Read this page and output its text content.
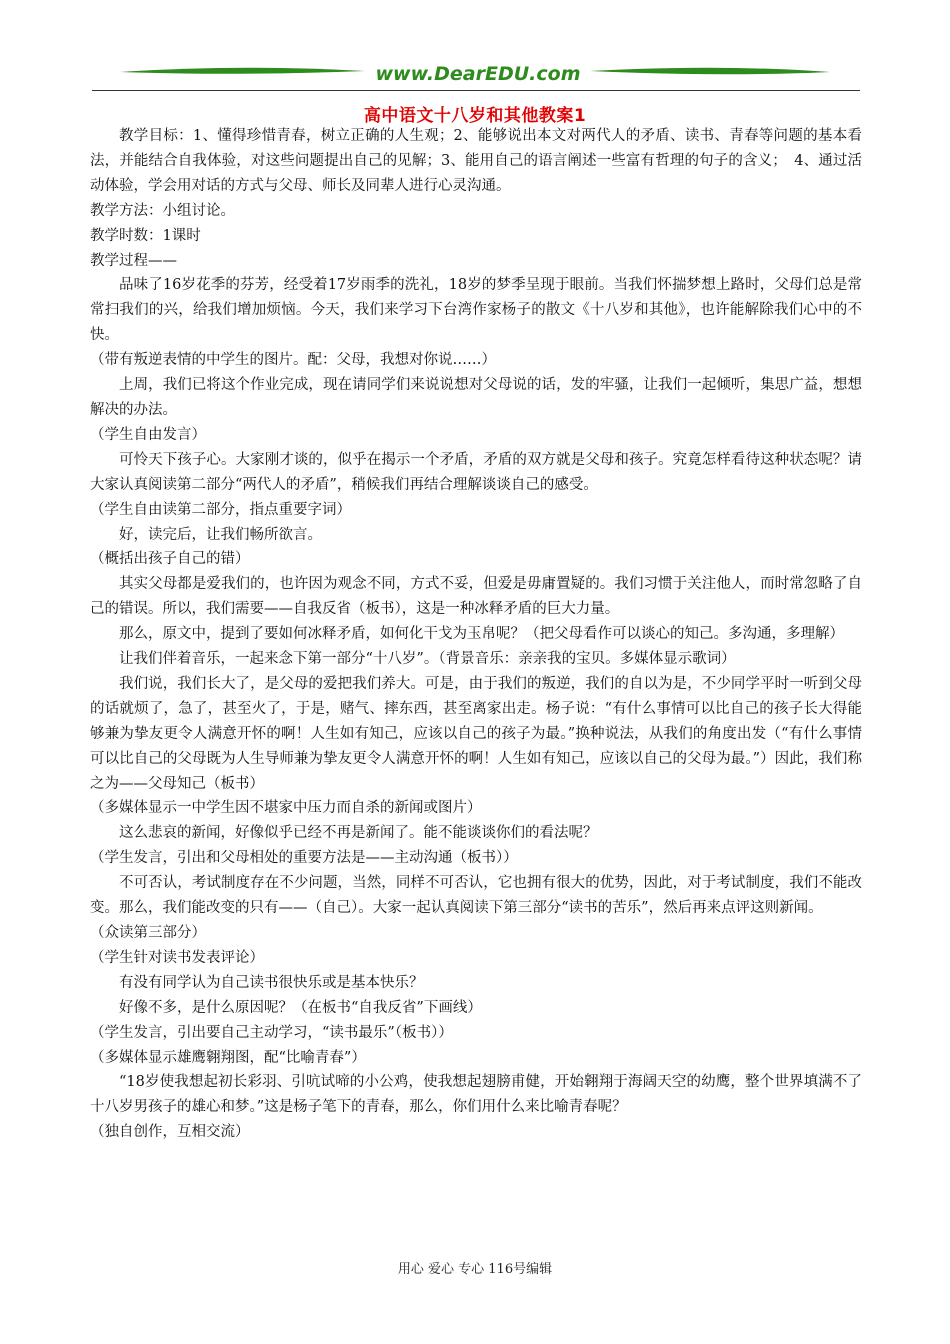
www.DearEDU.com
高中语文十八岁和其他教案1

教学目标：1、懂得珍惜青春，树立正确的人生观；2、能够说出本文对两代人的矛盾、读书、青春等问题的基本看法，并能结合自我体验，对这些问题提出自己的见解；3、能用自己的语言阐述一些富有哲理的句子的含义；　4、通过活动体验，学会用对话的方式与父母、师长及同辈人进行心灵沟通。

教学方法：小组讨论。

教学时数：1课时

教学过程——

品味了16岁花季的芬芳，经受着17岁雨季的洗礼，18岁的梦季呈现于眼前。当我们怀揣梦想上路时，父母们总是常常扫我们的兴，给我们增加烦恼。今天，我们来学习下台湾作家杨子的散文《十八岁和其他》，也许能解除我们心中的不快。

（带有叛逆表情的中学生的图片。配：父母，我想对你说……）

上周，我们已将这个作业完成，现在请同学们来说说想对父母说的话，发的牢骚，让我们一起倾听，集思广益，想想解决的办法。

（学生自由发言）

可怜天下孩子心。大家刚才谈的，似乎在揭示一个矛盾，矛盾的双方就是父母和孩子。究竟怎样看待这种状态呢？请大家认真阅读第二部分“两代人的矛盾”，稍候我们再结合理解谈谈自己的感受。

（学生自由读第二部分，指点重要字词）

好，读完后，让我们畅所欲言。

（概括出孩子自己的错）

其实父母都是爱我们的，也许因为观念不同，方式不妥，但爱是毋庸置疑的。我们习惯于关注他人，而时常忽略了自己的错误。所以，我们需要——自我反省（板书），这是一种冰释矛盾的巨大力量。

那么，原文中，提到了要如何冰释矛盾，如何化干戈为玉帛呢？（把父母看作可以谈心的知己。多沟通，多理解）

让我们伴着音乐，一起来念下第一部分“十八岁”。（背景音乐：亲亲我的宝贝。多媒体显示歌词）

我们说，我们长大了，是父母的爱把我们养大。可是，由于我们的叛逆，我们的自以为是，不少同学平时一听到父母的话就烦了，急了，甚至火了，于是，赌气、摔东西，甚至离家出走。杨子说：“有什么事情可以比自己的孩子长大得能够兼为挚友更令人满意开怀的啊！人生如有知己，应该以自己的孩子为最。”换种说法，从我们的角度出发（“有什么事情可以比自己的父母既为人生导师兼为挚友更令人满意开怀的啊！人生如有知己，应该以自己的父母为最。”）因此，我们称之为——父母知己（板书）

（多媒体显示一中学生因不堪家中压力而自杀的新闻或图片）

这么悲哀的新闻，好像似乎已经不再是新闻了。能不能谈谈你们的看法呢？

（学生发言，引出和父母相处的重要方法是——主动沟通（板书））

不可否认，考试制度存在不少问题，当然，同样不可否认，它也拥有很大的优势，因此，对于考试制度，我们不能改变。那么，我们能改变的只有——（自己）。大家一起认真阅读下第三部分“读书的苦乐”，然后再来点评这则新闻。

（众读第三部分）

（学生针对读书发表评论）

有没有同学认为自己读书很快乐或是基本快乐？

好像不多，是什么原因呢？（在板书“自我反省”下画线）

（学生发言，引出要自己主动学习，“读书最乐”（板书））

（多媒体显示雄鹰翱翔图，配“比喻青春”）

“18岁使我想起初长彩羽、引吭试啼的小公鸡，使我想起翅膀甫健，开始翱翔于海阔天空的幼鹰，整个世界填满不了十八岁男孩子的雄心和梦。”这是杨子笔下的青春，那么，你们用什么来比喻青春呢？

（独自创作，互相交流）

用心 爱心 专心 116号编辑
